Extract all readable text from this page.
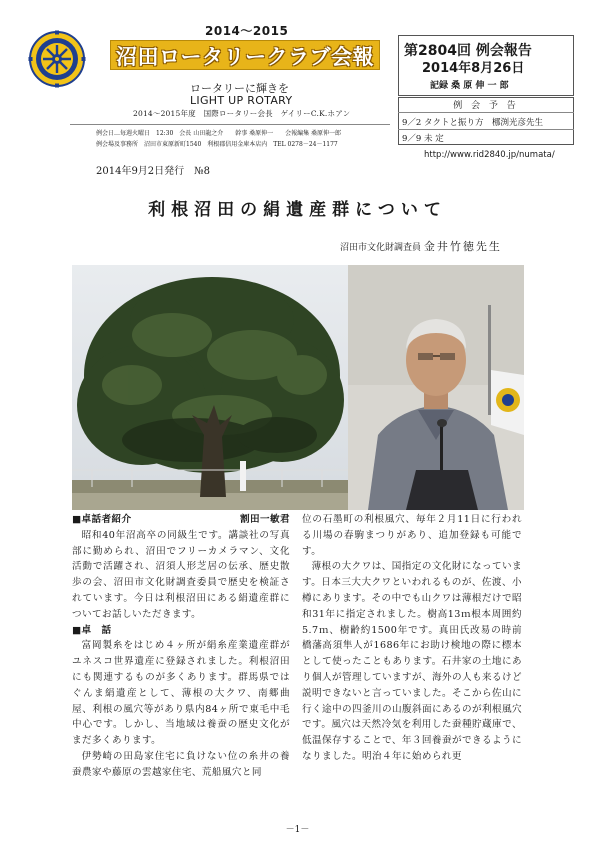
2014～2015
沼田ロータリークラブ会報
ロータリーに輝きを
LIGHT UP ROTARY
第2804回 例会報告
2014年8月26日
記録 桑 原 伸 一 郎
例 会 予 告
9／2 タクトと振り方　梛渕光彦先生
9／9 未 定
http://www.rid2840.jp/numata/
2014～2015年度　国際ロータリー会長　ゲイリーC.K.ホアン
例会日…毎週火曜日　12:30　会長 山田龍之介　　幹事 桑原伸一　　会報編集 桑原伸一郎
例会場及事務所　沼田市東原新町1540　利根郡信用金庫本店内　TEL 0278－24－1177
2014年9月2日発行　№8
利根沼田の絹遺産群について
沼田市文化財調査員 金井竹徳先生
■卓話者紹介	割田一敏君

昭和40年沼高卒の同級生です。講談社の写真部に勤められ、沼田でフリーカメラマン、文化活動で活躍され、沼須人形芝居の伝承、歴史散歩の会、沼田市文化財調査委員で歴史を検証されています。今日は利根沼田にある絹遺産群についてお話しいただきます。

■卓　話

富岡製糸をはじめ４ヶ所が絹糸産業遺産群がユネスコ世界遺産に登録されました。利根沼田にも関連するものが多くあります。群馬県ではぐんま絹遺産として、薄根の大クワ、南郷曲屋、利根の風穴等があり県内84ヶ所で東毛中毛中心です。しかし、当地域は養蚕の歴史文化がまだ多くあります。

伊勢崎の田島家住宅に負けない位の糸井の養蚕農家や藤原の雲越家住宅、荒船風穴と同

位の石墨町の利根風穴、毎年２月11日に行われる川場の春駒まつりがあり、追加登録も可能です。

薄根の大クワは、国指定の文化財になっています。日本三大大クワといわれるものが、佐渡、小樽にあります。その中でも山クワは薄根だけで昭和31年に指定されました。樹高13ｍ根本周囲約5.7ｍ、樹齢約1500年です。真田氏改易の時前橋藩高須隼人が1686年にお助け検地の際に標本として使ったこともあります。石井家の土地にあり個人が管理していますが、海外の人も来るけど説明できないと言っていました。そこから佐山に行く途中の四釜川の山腹斜面にあるのが利根風穴です。風穴は天然冷気を利用した蚕種貯蔵庫で、低温保存することで、年３回養蚕ができるようになりました。明治４年に始められ更

－1－
